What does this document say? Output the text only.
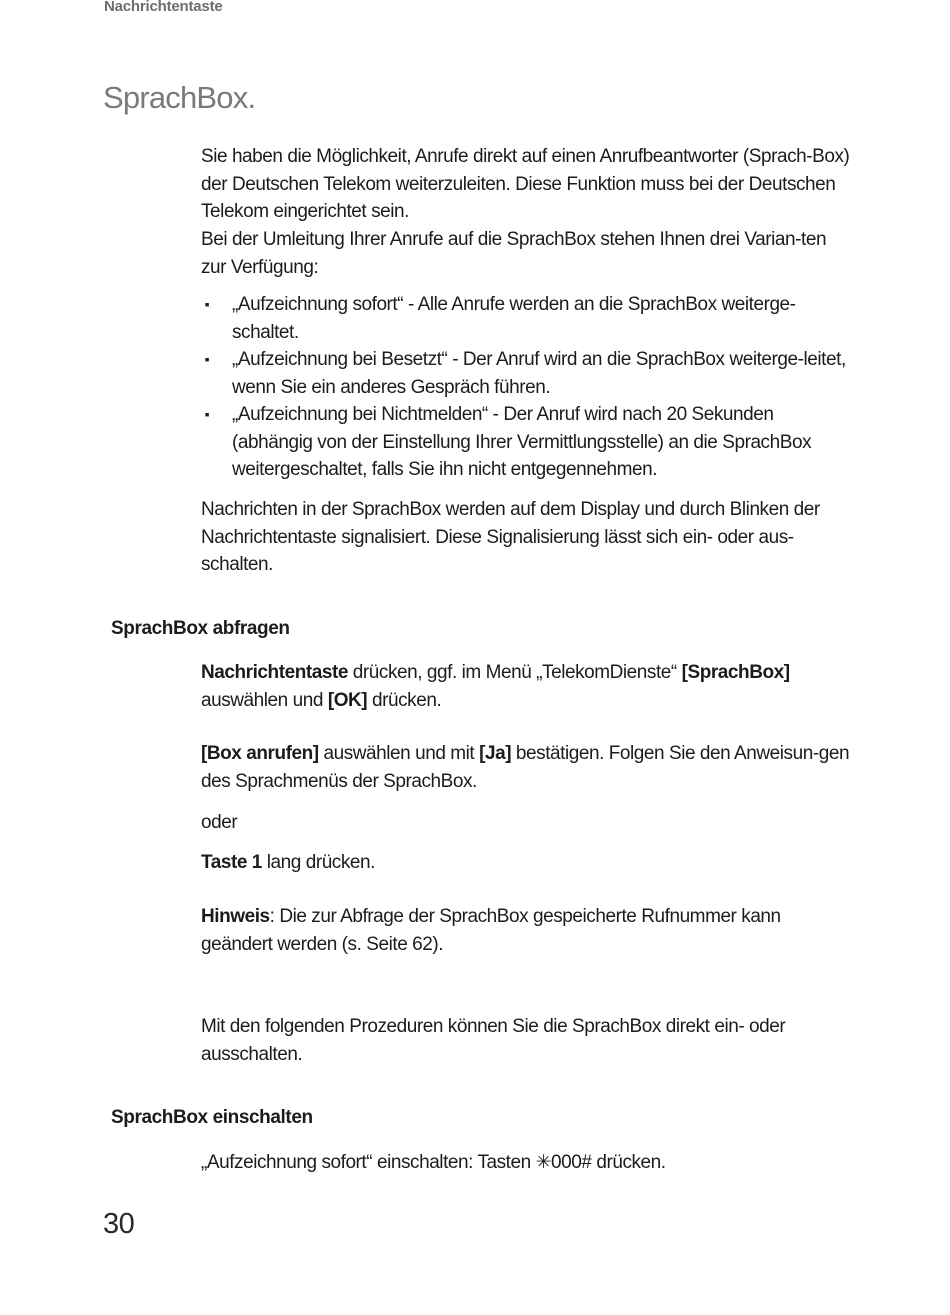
Nachrichtentaste
SprachBox.

Sie haben die Möglichkeit, Anrufe direkt auf einen Anrufbeantworter (Sprach-Box) der Deutschen Telekom weiterzuleiten. Diese Funktion muss bei der Deutschen Telekom eingerichtet sein.

Bei der Umleitung Ihrer Anrufe auf die SprachBox stehen Ihnen drei Varian-ten zur Verfügung:

▪ „Aufzeichnung sofort“ - Alle Anrufe werden an die SprachBox weiterge-schaltet.
▪ „Aufzeichnung bei Besetzt“ - Der Anruf wird an die SprachBox weiterge-leitet, wenn Sie ein anderes Gespräch führen.
▪ „Aufzeichnung bei Nichtmelden“ - Der Anruf wird nach 20 Sekunden (abhängig von der Einstellung Ihrer Vermittlungsstelle) an die SprachBox weitergeschaltet, falls Sie ihn nicht entgegennehmen.

Nachrichten in der SprachBox werden auf dem Display und durch Blinken der Nachrichtentaste signalisiert. Diese Signalisierung lässt sich ein- oder aus-schalten.

SprachBox abfragen

Nachrichtentaste drücken, ggf. im Menü „TelekomDienste“ [SprachBox] auswählen und [OK] drücken.

[Box anrufen] auswählen und mit [Ja] bestätigen. Folgen Sie den Anweisun-gen des Sprachmenüs der SprachBox.

oder

Taste 1 lang drücken.

Hinweis: Die zur Abfrage der SprachBox gespeicherte Rufnummer kann geändert werden (s. Seite 62).

Mit den folgenden Prozeduren können Sie die SprachBox direkt ein- oder ausschalten.

SprachBox einschalten

„Aufzeichnung sofort“ einschalten: Tasten ✳000# drücken.

30
